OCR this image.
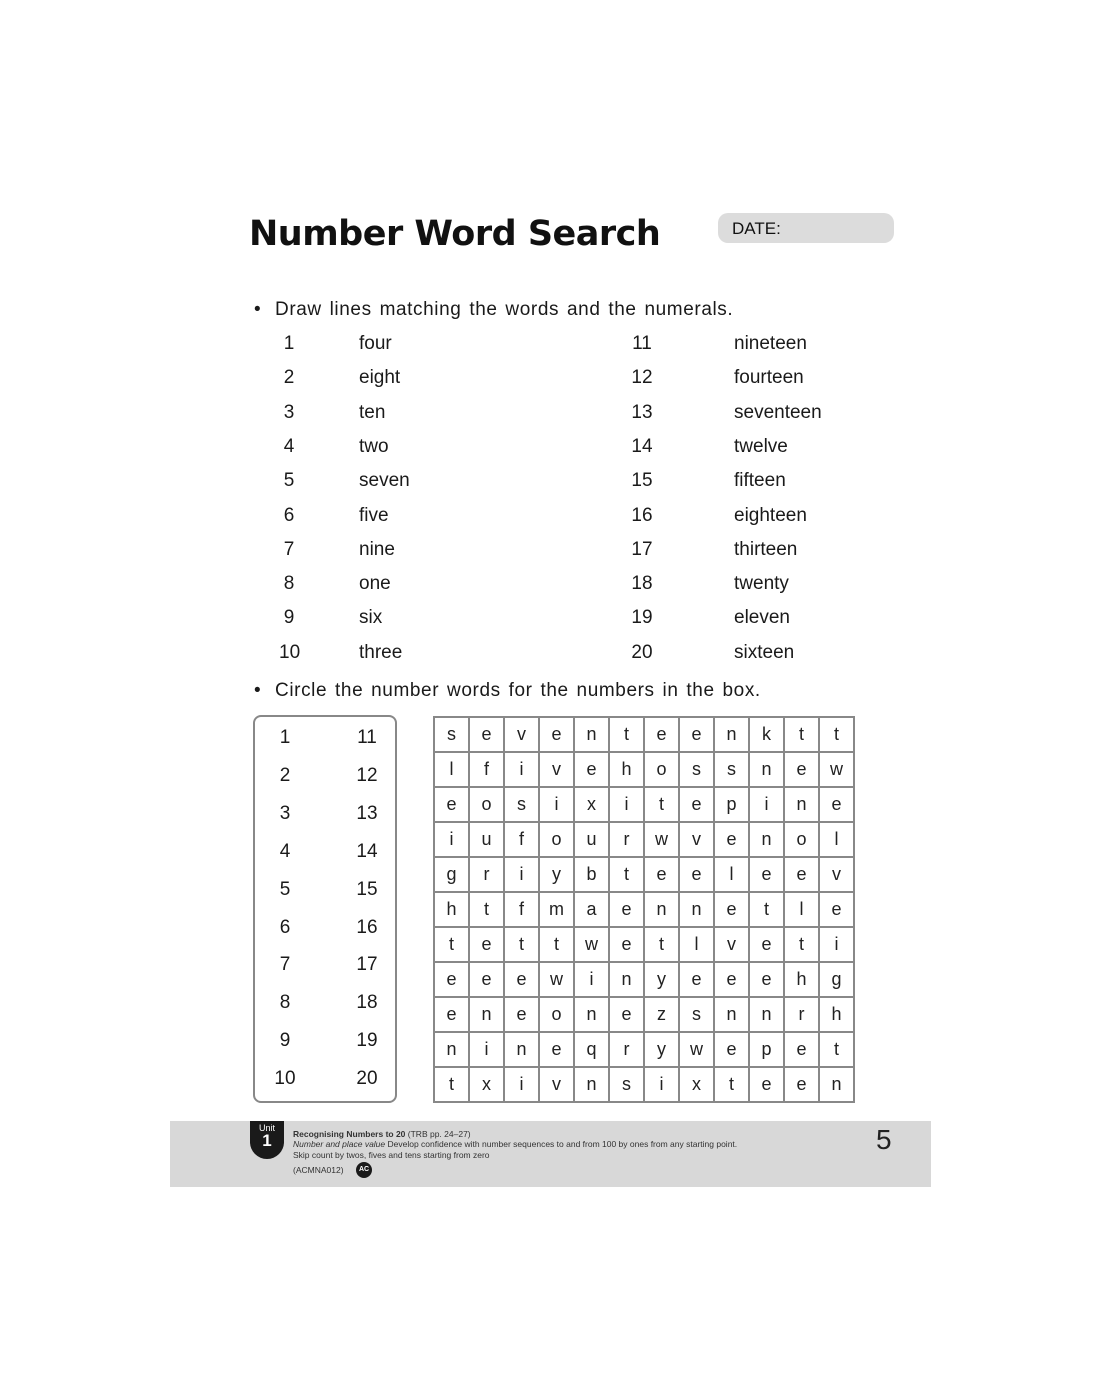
Number Word Search	DATE:
• Draw lines matching the words and the numerals.
1	four	11	nineteen
2	eight	12	fourteen
3	ten	13	seventeen
4	two	14	twelve
5	seven	15	fifteen
6	five	16	eighteen
7	nine	17	thirteen
8	one	18	twenty
9	six	19	eleven
10	three	20	sixteen
• Circle the number words for the numbers in the box.
1	11
2	12
3	13
4	14
5	15
6	16
7	17
8	18
9	19
10	20
s	e	v	e	n	t	e	e	n	k	t	t
l	f	i	v	e	h	o	s	s	n	e	w
e	o	s	i	x	i	t	e	p	i	n	e
i	u	f	o	u	r	w	v	e	n	o	l
g	r	i	y	b	t	e	e	l	e	e	v
h	t	f	m	a	e	n	n	e	t	l	e
t	e	t	t	w	e	t	l	v	e	t	i
e	e	e	w	i	n	y	e	e	e	h	g
e	n	e	o	n	e	z	s	n	n	r	h
n	i	n	e	q	r	y	w	e	p	e	t
t	x	i	v	n	s	i	x	t	e	e	n
Unit
1	Recognising Numbers to 20 (TRB pp. 24–27)
Number and place value Develop confidence with number sequences to and from 100 by ones from any starting point.
Skip count by twos, fives and tens starting from zero
(ACMNA012)	AC
5
